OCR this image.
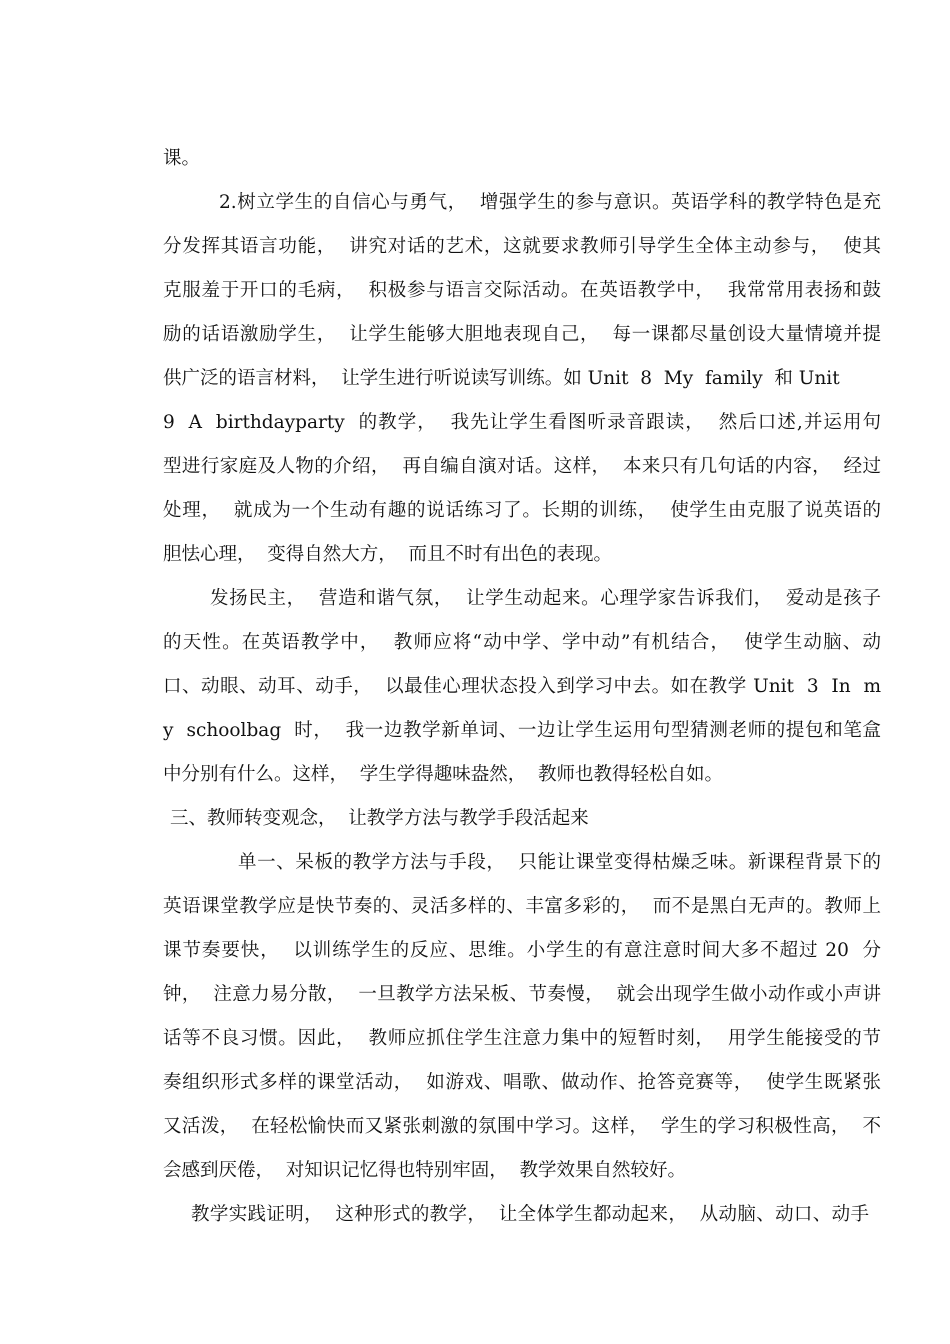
课。
2.树立学生的自信心与勇气，  增强学生的参与意识。英语学科的教学特色是充
分发挥其语言功能，  讲究对话的艺术，这就要求教师引导学生全体主动参与，  使其
克服羞于开口的毛病，  积极参与语言交际活动。在英语教学中，  我常常用表扬和鼓
励的话语激励学生，  让学生能够大胆地表现自己，  每一课都尽量创设大量情境并提
供广泛的语言材料，  让学生进行听说读写训练。如 Unit  8  My  family  和 Unit
9  A  birthdayparty  的教学，  我先让学生看图听录音跟读，  然后口述,并运用句
型进行家庭及人物的介绍，  再自编自演对话。这样，  本来只有几句话的内容，  经过
处理，  就成为一个生动有趣的说话练习了。长期的训练，  使学生由克服了说英语的
胆怯心理，  变得自然大方，  而且不时有出色的表现。
发扬民主，  营造和谐气氛，  让学生动起来。心理学家告诉我们，  爱动是孩子
的天性。在英语教学中，  教师应将“动中学、学中动”有机结合，  使学生动脑、动
口、动眼、动耳、动手，  以最佳心理状态投入到学习中去。如在教学 Unit  3  In  m
y  schoolbag  时，  我一边教学新单词、一边让学生运用句型猜测老师的提包和笔盒
中分别有什么。这样，  学生学得趣味盎然，  教师也教得轻松自如。
三、教师转变观念，  让教学方法与教学手段活起来
单一、呆板的教学方法与手段，  只能让课堂变得枯燥乏味。新课程背景下的
英语课堂教学应是快节奏的、灵活多样的、丰富多彩的，  而不是黑白无声的。教师上
课节奏要快，  以训练学生的反应、思维。小学生的有意注意时间大多不超过 20  分
钟，  注意力易分散，  一旦教学方法呆板、节奏慢，  就会出现学生做小动作或小声讲
话等不良习惯。因此，  教师应抓住学生注意力集中的短暂时刻，  用学生能接受的节
奏组织形式多样的课堂活动，  如游戏、唱歌、做动作、抢答竞赛等，  使学生既紧张
又活泼，  在轻松愉快而又紧张刺激的氛围中学习。这样，  学生的学习积极性高，  不
会感到厌倦，  对知识记忆得也特别牢固，  教学效果自然较好。
教学实践证明，  这种形式的教学，  让全体学生都动起来，  从动脑、动口、动手
